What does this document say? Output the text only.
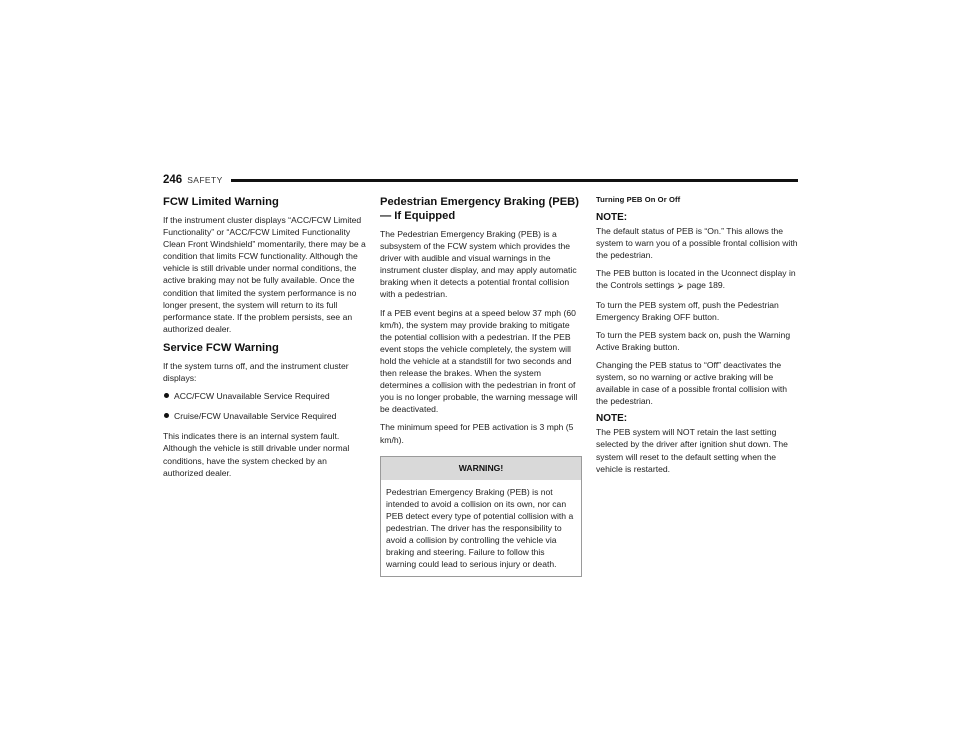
246 SAFETY
FCW Limited Warning

If the instrument cluster displays “ACC/FCW Limited Functionality” or “ACC/FCW Limited Functionality Clean Front Windshield” momentarily, there may be a condition that limits FCW functionality. Although the vehicle is still drivable under normal conditions, the active braking may not be fully available. Once the condition that limited the system performance is no longer present, the system will return to its full performance state. If the problem persists, see an authorized dealer.

Service FCW Warning

If the system turns off, and the instrument cluster displays:

ACC/FCW Unavailable Service Required
Cruise/FCW Unavailable Service Required

This indicates there is an internal system fault. Although the vehicle is still drivable under normal conditions, have the system checked by an authorized dealer.

Pedestrian Emergency Braking (PEB) — If Equipped

The Pedestrian Emergency Braking (PEB) is a subsystem of the FCW system which provides the driver with audible and visual warnings in the instrument cluster display, and may apply automatic braking when it detects a potential frontal collision with a pedestrian.

If a PEB event begins at a speed below 37 mph (60 km/h), the system may provide braking to mitigate the potential collision with a pedestrian. If the PEB event stops the vehicle completely, the system will hold the vehicle at a standstill for two seconds and then release the brakes. When the system determines a collision with the pedestrian in front of you is no longer probable, the warning message will be deactivated.

The minimum speed for PEB activation is 3 mph (5 km/h).

WARNING!
Pedestrian Emergency Braking (PEB) is not intended to avoid a collision on its own, nor can PEB detect every type of potential collision with a pedestrian. The driver has the responsibility to avoid a collision by controlling the vehicle via braking and steering. Failure to follow this warning could lead to serious injury or death.
Turning PEB On Or Off
NOTE:

The default status of PEB is “On.” This allows the system to warn you of a possible frontal collision with the pedestrian.

The PEB button is located in the Uconnect display in the Controls settings ⮚ page 189.

To turn the PEB system off, push the Pedestrian Emergency Braking OFF button.

To turn the PEB system back on, push the Warning Active Braking button.

Changing the PEB status to “Off” deactivates the system, so no warning or active braking will be available in case of a possible frontal collision with the pedestrian.

NOTE:

The PEB system will NOT retain the last setting selected by the driver after ignition shut down. The system will reset to the default setting when the vehicle is restarted.
